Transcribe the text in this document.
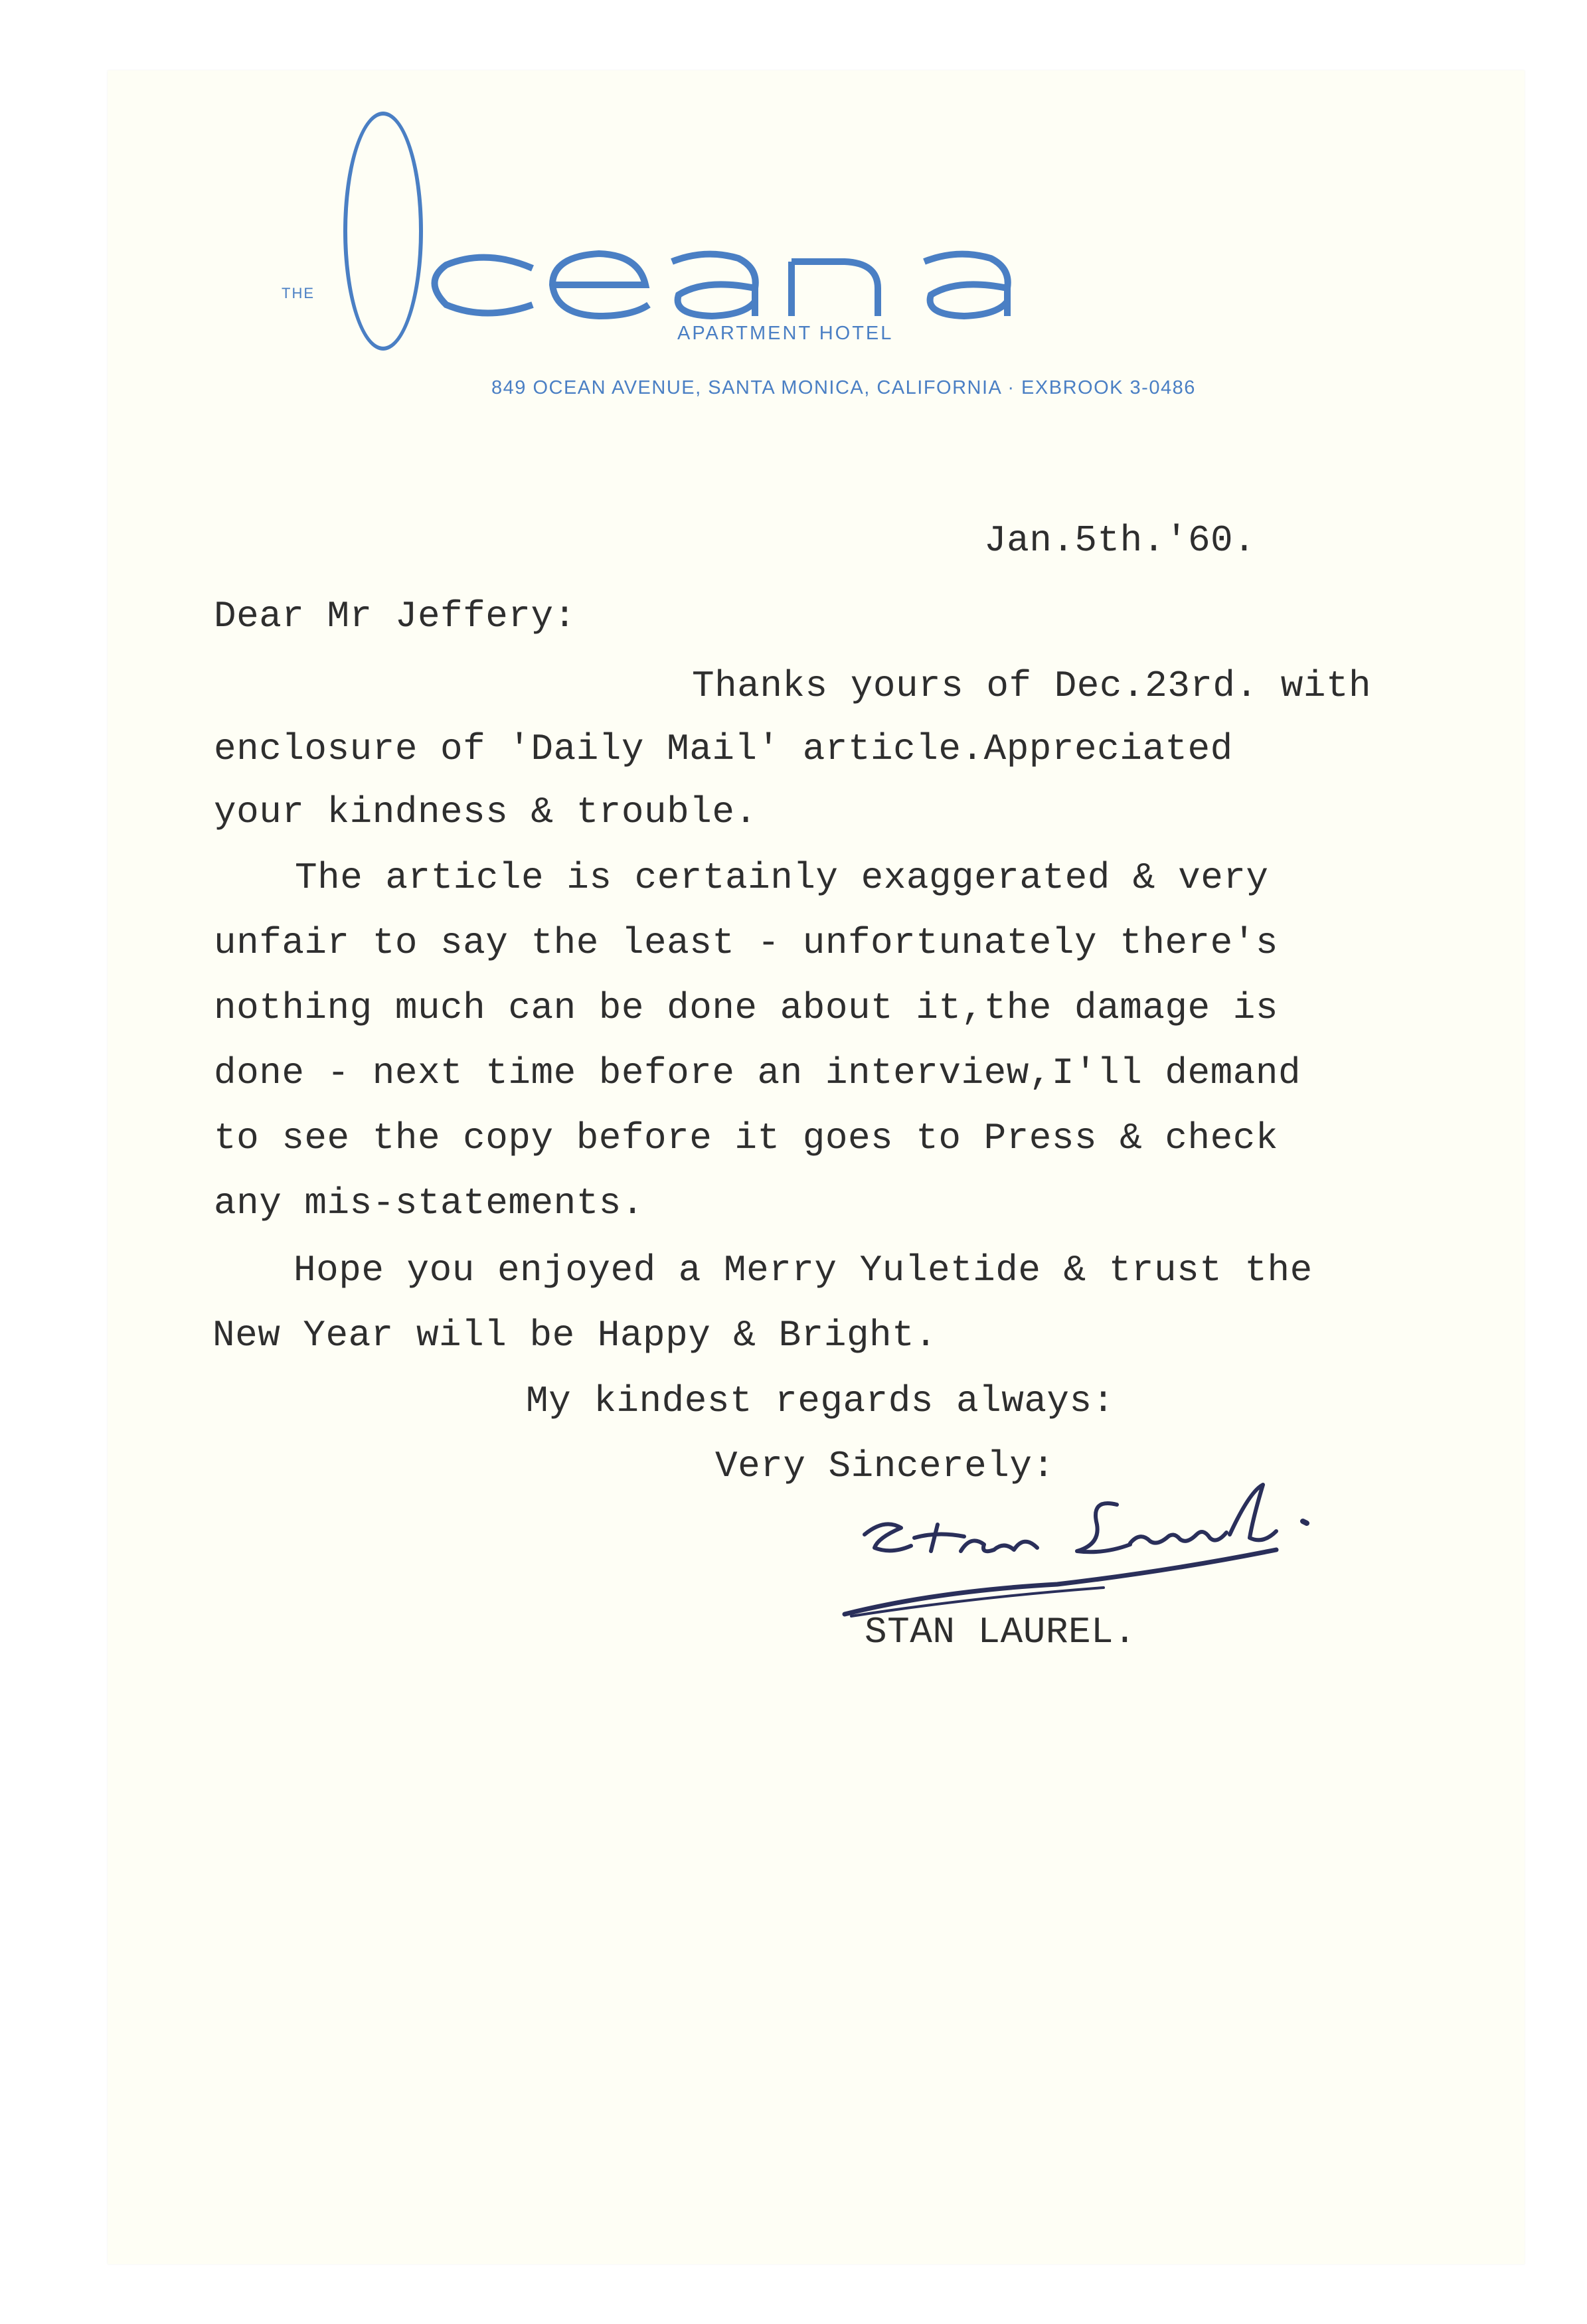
THE
APARTMENT HOTEL
849 OCEAN AVENUE, SANTA MONICA, CALIFORNIA · EXBROOK 3-0486
Jan.5th.'60.
Dear Mr Jeffery:
Thanks yours of Dec.23rd. with
enclosure of 'Daily Mail' article.Appreciated
your kindness & trouble.
The article is certainly exaggerated & very
unfair to say the least - unfortunately there's
nothing much can be done about it,the damage is
done - next time before an interview,I'll demand
to see the copy before it goes to Press & check
any mis-statements.
Hope you enjoyed a Merry Yuletide & trust the
New Year will be Happy & Bright.
My kindest regards always:
Very Sincerely:
STAN LAUREL.
